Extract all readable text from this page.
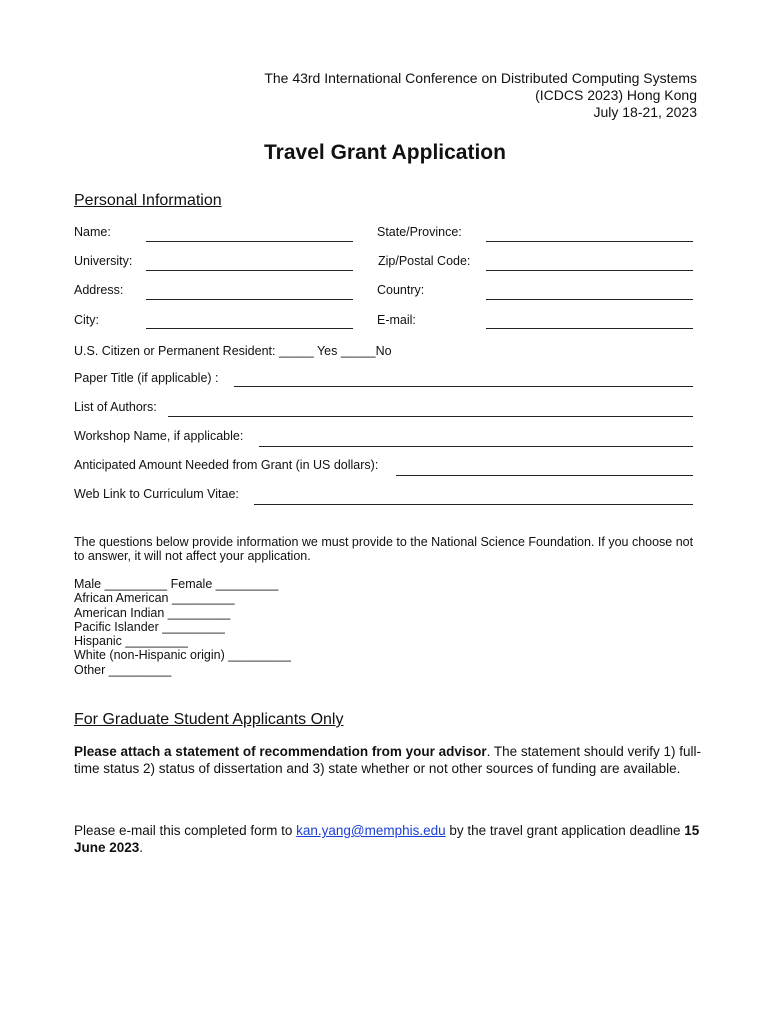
The 43rd International Conference on Distributed Computing Systems
(ICDCS 2023) Hong Kong
July 18-21, 2023
Travel Grant Application
Personal Information
Name:	State/Province:
University:	Zip/Postal Code:
Address:	Country:
City:	E-mail:
U.S. Citizen or Permanent Resident: _____ Yes _____No
Paper Title (if applicable) :
List of Authors:
Workshop Name, if applicable:
Anticipated Amount Needed from Grant (in US dollars):
Web Link to Curriculum Vitae:
The questions below provide information we must provide to the National Science Foundation. If you choose not to answer, it will not affect your application.
Male _________ Female _________
African American _________
American Indian _________
Pacific Islander _________
Hispanic _________
White (non-Hispanic origin) _________
Other _________
For Graduate Student Applicants Only
Please attach a statement of recommendation from your advisor. The statement should verify 1) full-time status 2) status of dissertation and 3) state whether or not other sources of funding are available.
Please e-mail this completed form to kan.yang@memphis.edu by the travel grant application deadline 15 June 2023.
